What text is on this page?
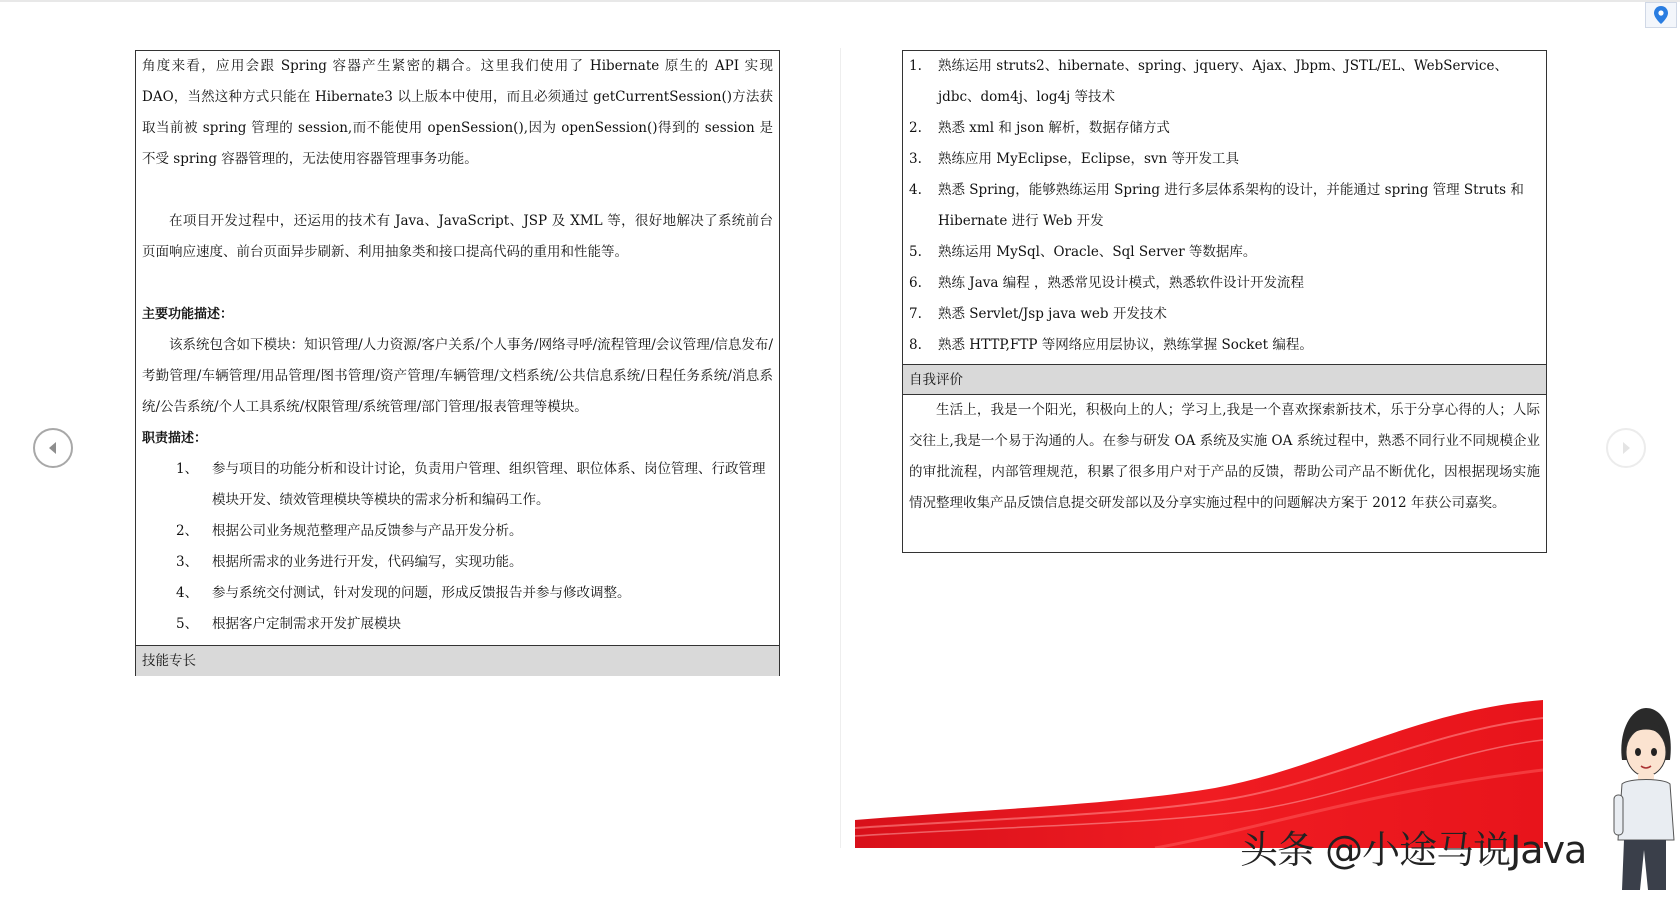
角度来看，应用会跟 Spring 容器产生紧密的耦合。这里我们使用了 Hibernate 原生的 API 实现 DAO，当然这种方式只能在 Hibernate3 以上版本中使用，而且必须通过 getCurrentSession()方法获取当前被 spring 管理的 session,而不能使用 openSession(),因为 openSession()得到的 session 是不受 spring 容器管理的，无法使用容器管理事务功能。

在项目开发过程中，还运用的技术有 Java、JavaScript、JSP 及 XML 等，很好地解决了系统前台页面响应速度、前台页面异步刷新、利用抽象类和接口提高代码的重用和性能等。

主要功能描述：

该系统包含如下模块：知识管理/人力资源/客户关系/个人事务/网络寻呼/流程管理/会议管理/信息发布/考勤管理/车辆管理/用品管理/图书管理/资产管理/车辆管理/文档系统/公共信息系统/日程任务系统/消息系统/公告系统/个人工具系统/权限管理/系统管理/部门管理/报表管理等模块。

职责描述：

1、 参与项目的功能分析和设计讨论，负责用户管理、组织管理、职位体系、岗位管理、行政管理模块开发、绩效管理模块等模块的需求分析和编码工作。
2、 根据公司业务规范整理产品反馈参与产品开发分析。
3、 根据所需求的业务进行开发，代码编写，实现功能。
4、 参与系统交付测试，针对发现的问题，形成反馈报告并参与修改调整。
5、 根据客户定制需求开发扩展模块
技能专长
1. 熟练运用 struts2、hibernate、spring、jquery、Ajax、Jbpm、JSTL/EL、WebService、jdbc、dom4j、log4j 等技术
2. 熟悉 xml 和 json 解析，数据存储方式
3. 熟练应用 MyEclipse，Eclipse，svn 等开发工具
4. 熟悉 Spring，能够熟练运用 Spring 进行多层体系架构的设计，并能通过 spring 管理 Struts 和 Hibernate 进行 Web 开发
5. 熟练运用 MySql、Oracle、Sql Server 等数据库。
6. 熟练 Java 编程 ，熟悉常见设计模式，熟悉软件设计开发流程
7. 熟悉 Servlet/Jsp java web 开发技术
8. 熟悉 HTTP,FTP 等网络应用层协议，熟练掌握 Socket 编程。
自我评价

生活上，我是一个阳光，积极向上的人；学习上,我是一个喜欢探索新技术，乐于分享心得的人；人际交往上,我是一个易于沟通的人。在参与研发 OA 系统及实施 OA 系统过程中，熟悉不同行业不同规模企业的审批流程，内部管理规范，积累了很多用户对于产品的反馈，帮助公司产品不断优化，因根据现场实施情况整理收集产品反馈信息提交研发部以及分享实施过程中的问题解决方案于 2012 年获公司嘉奖。

头条 @小途马说Java
